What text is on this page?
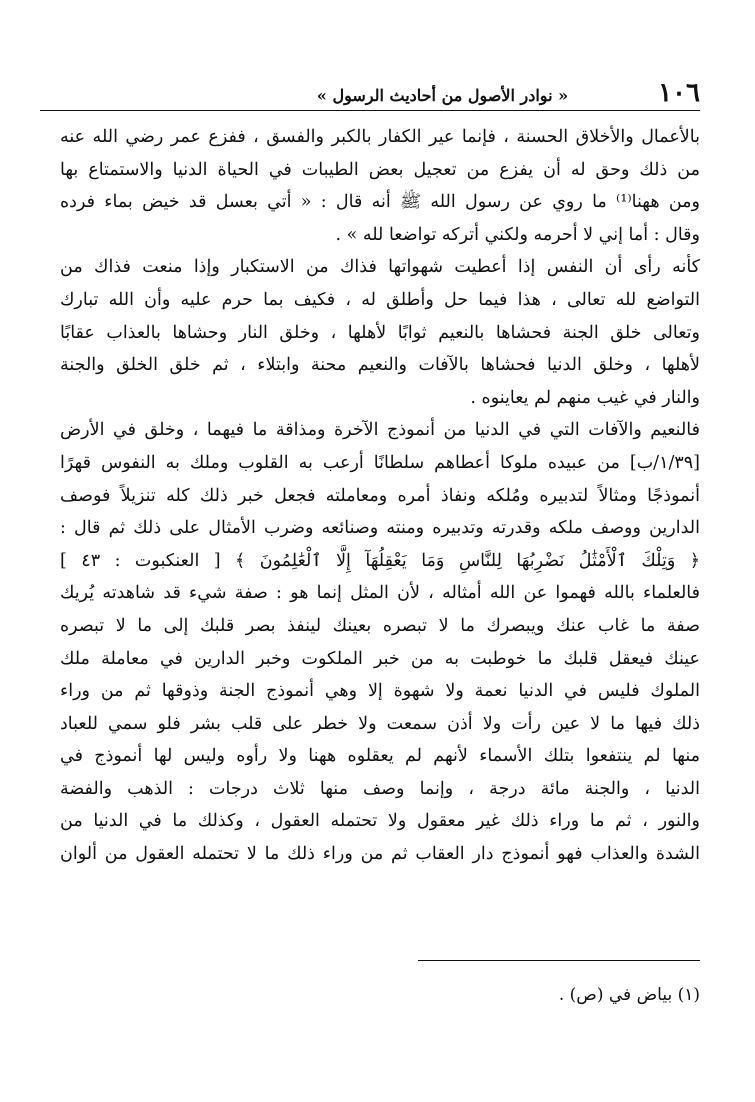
١٠٦
« نوادر الأصول من أحاديث الرسول »
بالأعمال والأخلاق الحسنة ، فإنما عير الكفار بالكبر والفسق ، ففزع عمر رضي الله عنه
من ذلك وحق له أن يفزع من تعجيل بعض الطيبات في الحياة الدنيا والاستمتاع بها
ومن ههنا⁽¹⁾ ما روي عن رسول الله ﷺ أنه قال : « أتي بعسل قد خيض بماء فرده
وقال : أما إني لا أحرمه ولكني أتركه تواضعا لله » .
كأنه رأى أن النفس إذا أعطيت شهواتها فذاك من الاستكبار وإذا منعت فذاك من
التواضع لله تعالى ، هذا فيما حل وأطلق له ، فكيف بما حرم عليه وأن الله تبارك
وتعالى خلق الجنة فحشاها بالنعيم ثوابًا لأهلها ، وخلق النار وحشاها بالعذاب عقابًا
لأهلها ، وخلق الدنيا فحشاها بالآفات والنعيم محنة وابتلاء ، ثم خلق الخلق والجنة
والنار في غيب منهم لم يعاينوه .
فالنعيم والآفات التي في الدنيا من أنموذج الآخرة ومذاقة ما فيهما ، وخلق في الأرض
[١/٣٩/ب] من عبيده ملوكا أعطاهم سلطانًا أرعب به القلوب وملك به النفوس قهرًا
أنموذجًا ومثالاً لتدبيره ومُلكه ونفاذ أمره ومعاملته فجعل خبر ذلك كله تنزيلاً فوصف
الدارين ووصف ملكه وقدرته وتدبيره ومنته وصنائعه وضرب الأمثال على ذلك ثم قال :
﴿ وَتِلْكَ ٱلْأَمْثَٰلُ نَضْرِبُهَا لِلنَّاسِ وَمَا يَعْقِلُهَآ إِلَّا ٱلْعَٰلِمُونَ ﴾ [ العنكبوت : ٤٣ ]
فالعلماء بالله فهموا عن الله أمثاله ، لأن المثل إنما هو : صفة شيء قد شاهدته يُريك
صفة ما غاب عنك ويبصرك ما لا تبصره بعينك لينفذ بصر قلبك إلى ما لا تبصره
عينك فيعقل قلبك ما خوطبت به من خبر الملكوت وخبر الدارين في معاملة ملك
الملوك فليس في الدنيا نعمة ولا شهوة إلا وهي أنموذج الجنة وذوقها ثم من وراء
ذلك فيها ما لا عين رأت ولا أذن سمعت ولا خطر على قلب بشر فلو سمي للعباد
منها لم ينتفعوا بتلك الأسماء لأنهم لم يعقلوه ههنا ولا رأوه وليس لها أنموذج في
الدنيا ، والجنة مائة درجة ، وإنما وصف منها ثلاث درجات : الذهب والفضة
والنور ، ثم ما وراء ذلك غير معقول ولا تحتمله العقول ، وكذلك ما في الدنيا من
الشدة والعذاب فهو أنموذج دار العقاب ثم من وراء ذلك ما لا تحتمله العقول من ألوان
(١) بياض في (ص) .
